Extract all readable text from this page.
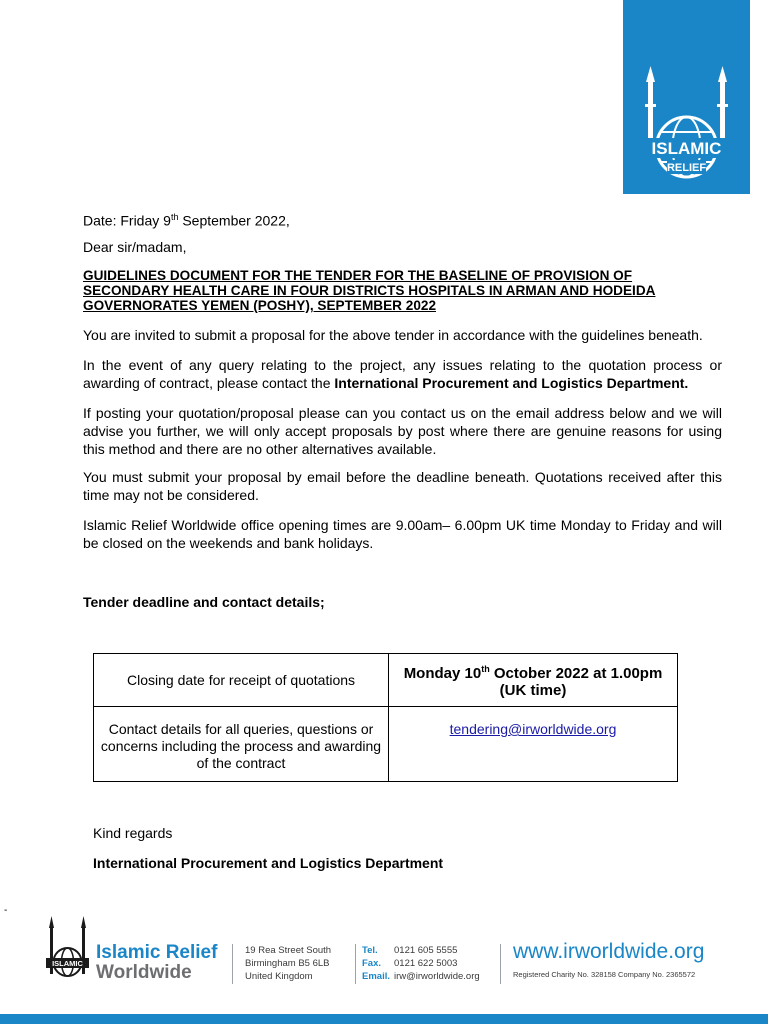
ISLAMIC
RELIEF

Date: Friday 9th September 2022,

Dear sir/madam,

GUIDELINES DOCUMENT FOR THE TENDER FOR THE BASELINE OF PROVISION OF
SECONDARY HEALTH CARE IN FOUR DISTRICTS HOSPITALS IN ARMAN AND HODEIDA
GOVERNORATES YEMEN (POSHY), SEPTEMBER 2022

You are invited to submit a proposal for the above tender in accordance with the guidelines beneath.

In the event of any query relating to the project, any issues relating to the quotation process or awarding of contract, please contact the International Procurement and Logistics Department.

If posting your quotation/proposal please can you contact us on the email address below and we will advise you further, we will only accept proposals by post where there are genuine reasons for using this method and there are no other alternatives available.

You must submit your proposal by email before the deadline beneath. Quotations received after this time may not be considered.

Islamic Relief Worldwide office opening times are 9.00am– 6.00pm UK time Monday to Friday and will be closed on the weekends and bank holidays.

Tender deadline and contact details;

Closing date for receipt of quotations	Monday 10th October 2022 at 1.00pm
(UK time)

Contact details for all queries, questions or concerns including the process and awarding of the contract	tendering@irworldwide.org
Kind regards
International Procurement and Logistics Department
-
ISLAMIC
Islamic Relief
Worldwide
19 Rea Street South
Birmingham B5 6LB
United Kingdom
Tel. 0121 605 5555
Fax. 0121 622 5003
Email. irw@irworldwide.org
www.irworldwide.org
Registered Charity No. 328158 Company No. 2365572
